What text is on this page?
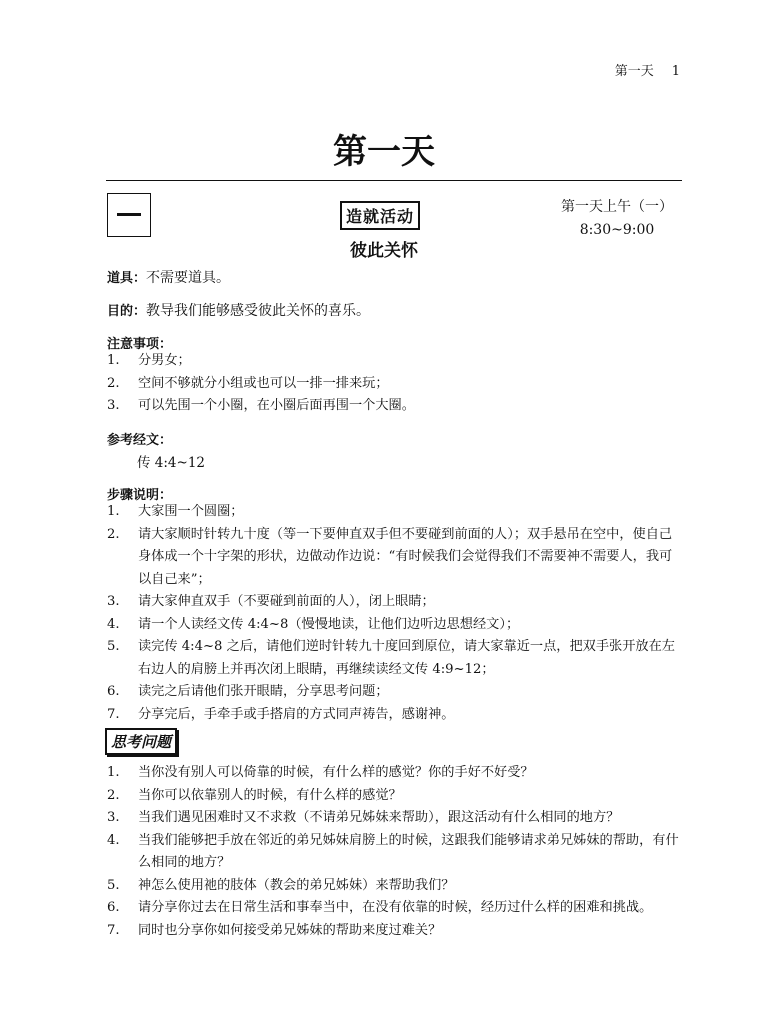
第一天 1
第一天
造就活动
彼此关怀
第一天上午（一）
8:30~9:00
道具：不需要道具。
目的：教导我们能够感受彼此关怀的喜乐。
注意事项：
1. 分男女；
2. 空间不够就分小组或也可以一排一排来玩；
3. 可以先围一个小圈，在小圈后面再围一个大圈。
参考经文：
传 4:4~12
步骤说明：
1. 大家围一个圆圈；
2. 请大家顺时针转九十度（等一下要伸直双手但不要碰到前面的人）；双手悬吊在空中，使自己身体成一个十字架的形状，边做动作边说：“有时候我们会觉得我们不需要神不需要人，我可以自己来”；
3. 请大家伸直双手（不要碰到前面的人），闭上眼睛；
4. 请一个人读经文传 4:4~8（慢慢地读，让他们边听边思想经文）；
5. 读完传 4:4~8 之后，请他们逆时针转九十度回到原位，请大家靠近一点，把双手张开放在左右边人的肩膀上并再次闭上眼睛，再继续读经文传 4:9~12；
6. 读完之后请他们张开眼睛，分享思考问题；
7. 分享完后，手牵手或手搭肩的方式同声祷告，感谢神。
思考问题
1. 当你没有别人可以倚靠的时候，有什么样的感觉？你的手好不好受？
2. 当你可以依靠别人的时候，有什么样的感觉？
3. 当我们遇见困难时又不求救（不请弟兄姊妹来帮助），跟这活动有什么相同的地方？
4. 当我们能够把手放在邻近的弟兄姊妹肩膀上的时候，这跟我们能够请求弟兄姊妹的帮助，有什么相同的地方？
5. 神怎么使用祂的肢体（教会的弟兄姊妹）来帮助我们？
6. 请分享你过去在日常生活和事奉当中，在没有依靠的时候，经历过什么样的困难和挑战。
7. 同时也分享你如何接受弟兄姊妹的帮助来度过难关？
